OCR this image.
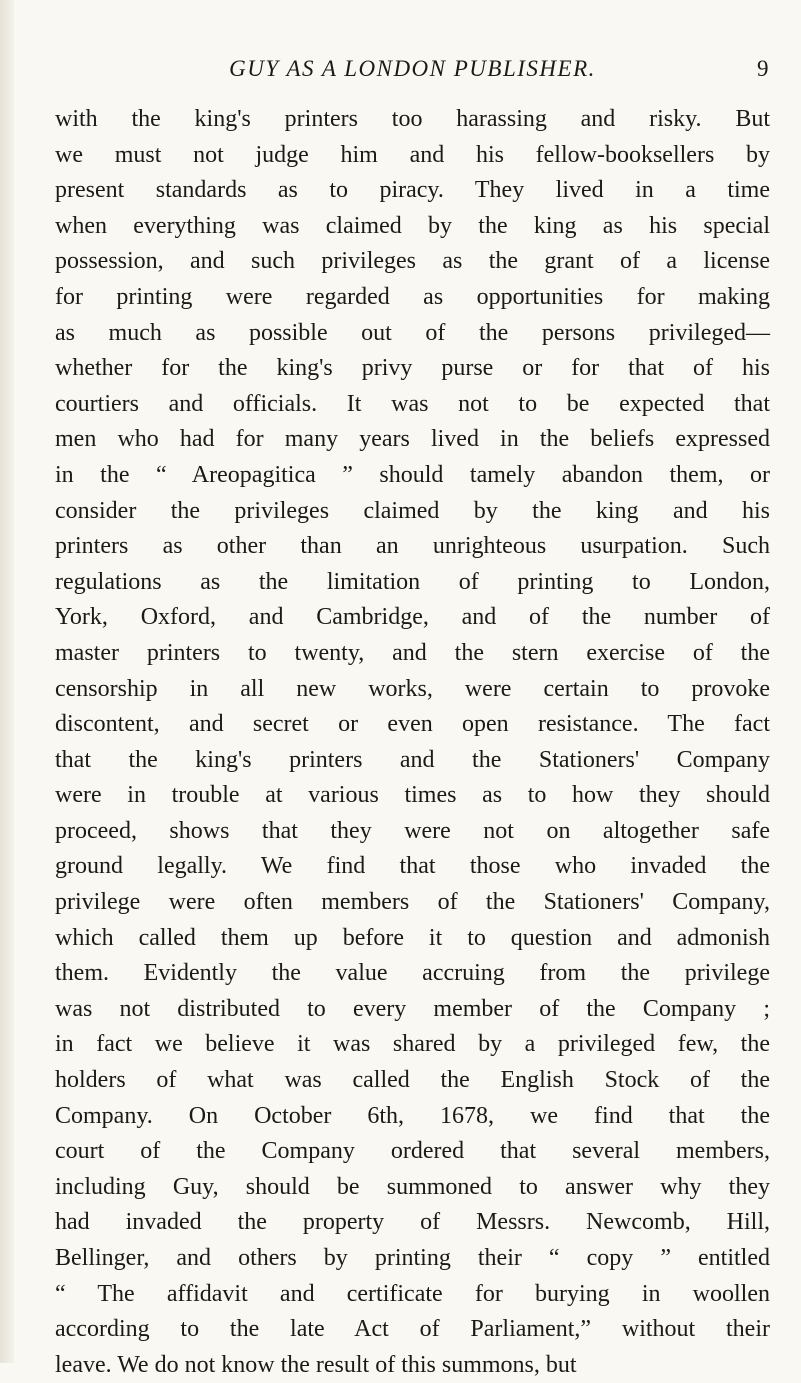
GUY AS A LONDON PUBLISHER.	9
with the king's printers too harassing and risky. But
we must not judge him and his fellow-booksellers by
present standards as to piracy. They lived in a time
when everything was claimed by the king as his special
possession, and such privileges as the grant of a license
for printing were regarded as opportunities for making
as much as possible out of the persons privileged—
whether for the king's privy purse or for that of his
courtiers and officials. It was not to be expected that
men who had for many years lived in the beliefs expressed
in the “ Areopagitica ” should tamely abandon them, or
consider the privileges claimed by the king and his
printers as other than an unrighteous usurpation. Such
regulations as the limitation of printing to London,
York, Oxford, and Cambridge, and of the number of
master printers to twenty, and the stern exercise of the
censorship in all new works, were certain to provoke
discontent, and secret or even open resistance. The fact
that the king's printers and the Stationers' Company
were in trouble at various times as to how they should
proceed, shows that they were not on altogether safe
ground legally. We find that those who invaded the
privilege were often members of the Stationers' Company,
which called them up before it to question and admonish
them. Evidently the value accruing from the privilege
was not distributed to every member of the Company ;
in fact we believe it was shared by a privileged few, the
holders of what was called the English Stock of the
Company. On October 6th, 1678, we find that the
court of the Company ordered that several members,
including Guy, should be summoned to answer why they
had invaded the property of Messrs. Newcomb, Hill,
Bellinger, and others by printing their “ copy ” entitled
“ The affidavit and certificate for burying in woollen
according to the late Act of Parliament,” without their
leave. We do not know the result of this summons, but
